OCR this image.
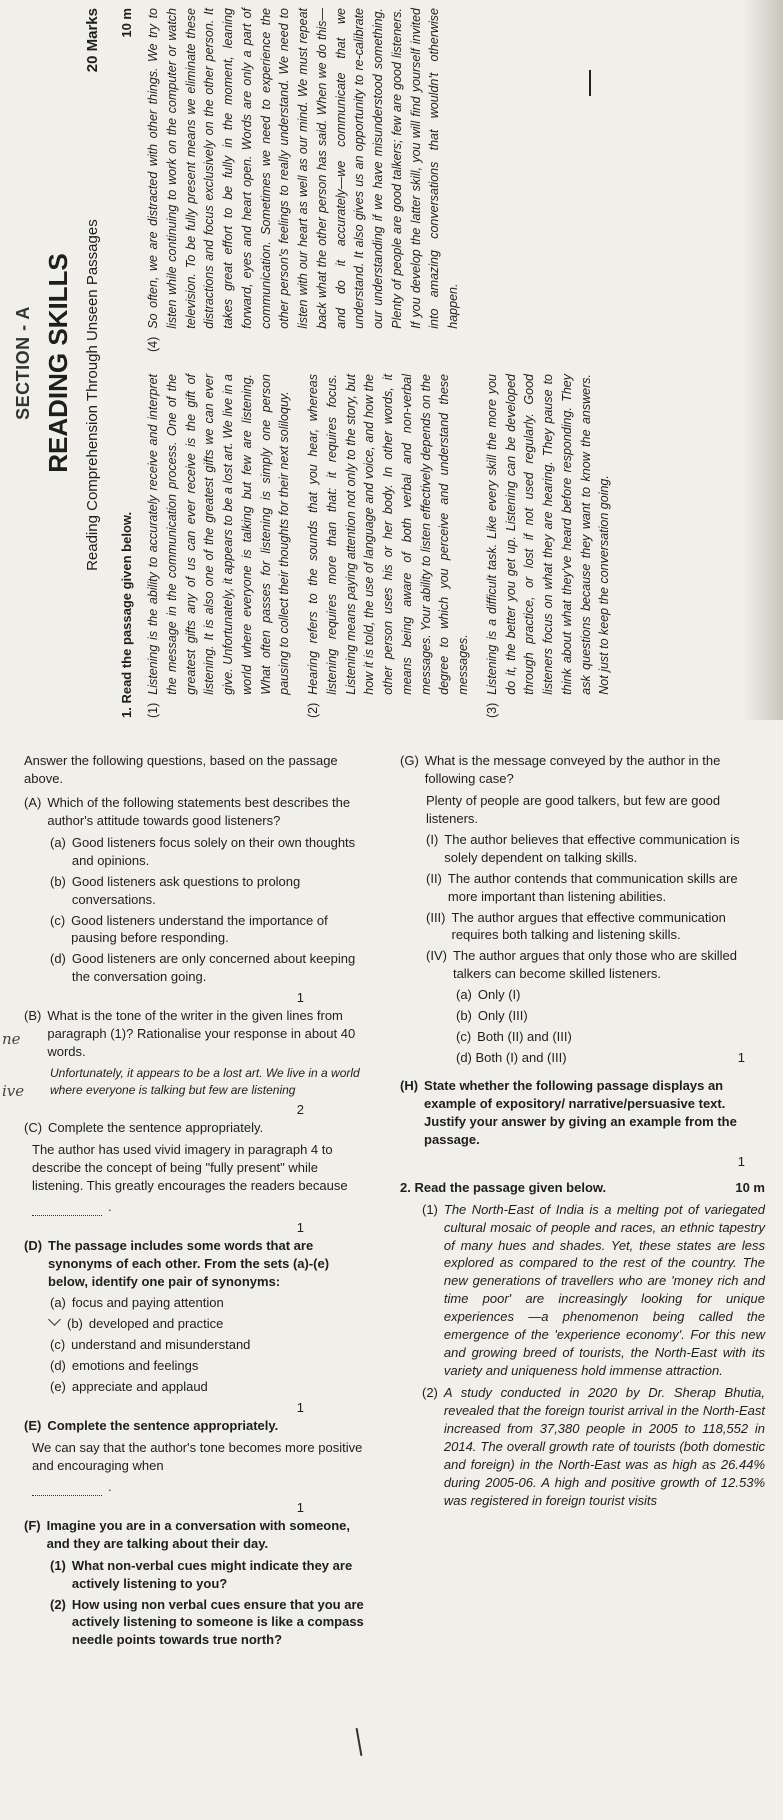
SECTION - A READING SKILLS Reading Comprehension Through Unseen Passages
20 Marks
1. Read the passage given below.
10 m
(1)
Listening is the ability to accurately receive and interpret the message in the communication process. One of the greatest gifts any of us can ever receive is the gift of listening. It is also one of the greatest gifts we can ever give. Unfortunately, it appears to be a lost art. We live in a world where everyone is talking but few are listening. What often passes for listening is simply one person pausing to collect their thoughts for their next soliloquy.
(2)
Hearing refers to the sounds that you hear, whereas listening requires more than that: it requires focus. Listening means paying attention not only to the story, but how it is told, the use of language and voice, and how the other person uses his or her body. In other words, it means being aware of both verbal and non-verbal messages. Your ability to listen effectively depends on the degree to which you perceive and understand these messages.
(3)
Listening is a difficult task. Like every skill the more you do it, the better you get up. Listening can be developed through practice, or lost if not used regularly. Good listeners focus on what they are hearing. They pause to think about what they've heard before responding. They ask questions because they want to know the answers. Not just to keep the conversation going.
(4)
So often, we are distracted with other things. We try to listen while continuing to work on the computer or watch television. To be fully present means we eliminate these distractions and focus exclusively on the other person. It takes great effort to be fully in the moment, leaning forward, eyes and heart open. Words are only a part of communication. Sometimes we need to experience the other person's feelings to really understand. We need to listen with our heart as well as our mind. We must repeat back what the other person has said. When we do this—and do it accurately—we communicate that we understand. It also gives us an opportunity to re-calibrate our understanding if we have misunderstood something. Plenty of people are good talkers; few are good listeners. If you develop the latter skill, you will find yourself invited into amazing conversations that wouldn't otherwise happen.
Answer the following questions, based on the passage above.
(A) Which of the following statements best describes the author's attitude towards good listeners?
(a) Good listeners focus solely on their own thoughts and opinions.
(b) Good listeners ask questions to prolong conversations.
(c) Good listeners understand the importance of pausing before responding.
(d) Good listeners are only concerned about keeping the conversation going.
1
(B) What is the tone of the writer in the given lines from paragraph (1)? Rationalise your response in about 40 words.
Unfortunately, it appears to be a lost art. We live in a world where everyone is talking but few are listening
2
(C) Complete the sentence appropriately.
The author has used vivid imagery in paragraph 4 to describe the concept of being "fully present" while listening. This greatly encourages the readers because
.
1
(D) The passage includes some words that are synonyms of each other. From the sets (a)-(e) below, identify one pair of synonyms:
(a) focus and paying attention
(b) developed and practice
(c) understand and misunderstand
(d) emotions and feelings
(e) appreciate and applaud
1
(E) Complete the sentence appropriately.
We can say that the author's tone becomes more positive and encouraging when
.
1
(F) Imagine you are in a conversation with someone, and they are talking about their day.
(1) What non-verbal cues might indicate they are actively listening to you?
(2) How using non verbal cues ensure that you are actively listening to someone is like a compass needle points towards true north?
ne
ive
(G) What is the message conveyed by the author in the following case?
Plenty of people are good talkers, but few are good listeners.
(I) The author believes that effective communication is solely dependent on talking skills.
(II) The author contends that communication skills are more important than listening abilities.
(III) The author argues that effective communication requires both talking and listening skills.
(IV) The author argues that only those who are skilled talkers can become skilled listeners.
(a) Only (I)
(b) Only (III)
(c) Both (II) and (III)
(d) Both (I) and (III)	1
(H) State whether the following passage displays an example of expository/ narrative/persuasive text. Justify your answer by giving an example from the passage.
1
2. Read the passage given below.	10 m
(1) The North-East of India is a melting pot of variegated cultural mosaic of people and races, an ethnic tapestry of many hues and shades. Yet, these states are less explored as compared to the rest of the country. The new generations of travellers who are 'money rich and time poor' are increasingly looking for unique experiences —a phenomenon being called the emergence of the 'experience economy'. For this new and growing breed of tourists, the North-East with its variety and uniqueness hold immense attraction.
(2) A study conducted in 2020 by Dr. Sherap Bhutia, revealed that the foreign tourist arrival in the North-East increased from 37,380 people in 2005 to 118,552 in 2014. The overall growth rate of tourists (both domestic and foreign) in the North-East was as high as 26.44% during 2005-06. A high and positive growth of 12.53% was registered in foreign tourist visits
